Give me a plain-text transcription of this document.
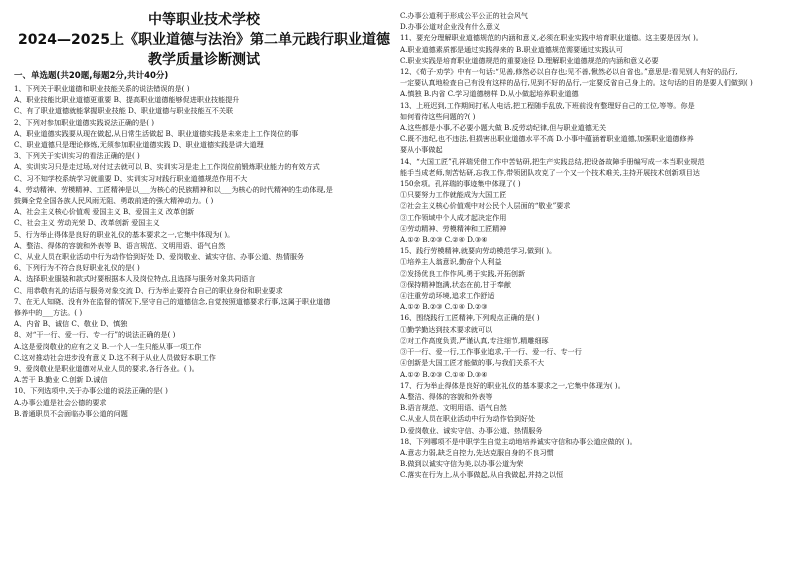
中等职业技术学校
2024—2025上《职业道德与法治》第二单元践行职业道德
教学质量诊断测试
一、单选题(共20题,每题2分,共计40分)
1、下列关于职业道德和职业技能关系的说法错误的是( )
A、职业技能比职业道德更重要 B、提高职业道德能够促进职业技能提升
C、有了职业道德就能掌握职业技能 D、职业道德与职业技能互不关联
2、下列对参加职业道德实践说法正确的是( )
A、职业道德实践要从现在做起,从日常生活做起 B、职业道德实践是未来走上工作岗位的事
C、职业道德只是理论修炼,无须参加职业道德实践 D、职业道德实践是讲大道理
3、下列关于实训实习的看法正确的是( )
A、实训实习只是走过场,对付过去就可以 B、实训实习是走上工作岗位前锻炼职业能力的有效方式
C、习不知学校系统学习就重要 D、实训实习对践行职业道德规范作用不大
4、劳动精神、劳模精神、工匠精神是以___为核心的民族精神和以___为核心的时代精神的生动体现,是
鼓舞全党全国各族人民风雨无阻、勇敢前进的强大精神动力。( )
A、社会主义核心价值观 爱国主义 B、爱国主义 改革创新
C、社会主义 劳动光荣 D、改革创新 爱国主义
5、行为举止得体是良好的职业礼仪的基本要求之一,它集中体现为( )。
A、整洁、得体的容貌和外表等 B、语言规范、文明用语、语气自然
C、从业人员在职业活动中行为动作恰到好处 D、爱岗敬业、诚实守信、办事公道、热情服务
6、下列行为不符合良好职业礼仪的是( )
A、选择职业服装和款式时要根据本人及岗位特点,且选择与服务对象共同语言
C、用恭敬有礼的话语与服务对象交流 D、行为举止要符合自己的职业身份和职业要求
7、在无人知晓、没有外在监督的情况下,坚守自己的道德信念,自觉按照道德要求行事,这属于职业道德
修养中的___方法。( )
A、内省 B、诚信 C、敬业 D、慎独
8、对“干一行、爱一行、专一行”的说法正确的是( )
A.这是爱岗敬业的应有之义 B.一个人一生只能从事一项工作
C.这对推动社会进步没有意义 D.这不利于从业人员做好本职工作
9、爱岗敬业是职业道德对从业人员的要求,各行各业。( )。
A.苦干 B.勤业 C.创新 D.诚信
10、下列选项中,关于办事公道的说法正确的是( )
A.办事公道是社会公德的要求
B.普通职员不会面临办事公道的问题
C.办事公道利于形成公平公正的社会风气
D.办事公道对企业没有什么意义
11、要充分理解职业道德规范的内涵和意义,必须在职业实践中培育职业道德。这主要是因为( )。
A.职业道德素质都是通过实践得来的 B.职业道德规范需要通过实践认可
C.职业实践是培育职业道德规范的重要途径 D.理解职业道德规范的内涵和意义必要
12、《荀子·劝学》中有一句话:“见善,修然必以自存也;见不善,愀然必以自省也。”意思是:看见别人有好的品行,
一定要认真地检查自己有没有这样的品行,见到不好的品行,一定要反省自己身上的。这句话的目的是要人们做到( )
A.慎独 B.内省 C.学习道德榜样 D.从小做起培养职业道德
13、上班迟到,工作期间打私人电话,把工程随手乱放,下班前没有整理好自己的工位,等等。你是
如何看待这些问题的?( )
A.这些都是小事,不必要小题大做 B.反劳动纪律,但与职业道德无关
C.既不违纪,也不违法,但损害出职业道德水平不高 D.小事中蕴涵着职业道德,加强职业道德修养
要从小事做起
14、“大国工匠”孔祥瑞凭借工作中苦钻研,把生产实践总结,把设备故障手册编写成一本当职业规范
能手当成老师,刻苦钻研,忘我工作,带领团队攻克了一个又一个技术难关,主持开展技术创新项目达
150余项。孔祥瑞的事迹集中体现了( )
①只要努力工作就能成为大国工匠
②社会主义核心价值观中对公民个人层面的“敬业”要求
③工作领域中个人成才起决定作用
④劳动精神、劳模精神和工匠精神
A.①② B.②③ C.②④ D.③④
15、践行劳模精神,就要向劳动模范学习,做到( )。
①培养主人翁意识,勤奋个人利益
②发扬优良工作作风,勇于实践,开拓创新
③保持精神饱满,状态在前,甘于奉献
④注重劳动环境,追求工作舒适
A.①② B.②③ C.①④ D.②③
16、围绕践行工匠精神,下列观点正确的是( )
①勤学勤达到技术要求就可以
②对工作高度负责,严谨认真,专注细节,精雕细琢
③干一行、爱一行,工作事业追求,干一行、爱一行、专一行
④创新是大国工匠才能做的事,与我们关系不大
A.①② B.②③ C.①④ D.③④
17、行为举止得体是良好的职业礼仪的基本要求之一,它集中体现为( )。
A.整洁、得体的容貌和外表等
B.语言规范、文明用语、语气自然
C.从业人员在职业活动中行为动作恰到好处
D.爱岗敬业、诚实守信、办事公道、热情服务
18、下列哪项不是中职学生自觉主动地培养诚实守信和办事公道应做的( )。
A.意志力弱,缺乏自控力,先达克服自身的不良习惯
B.做到以诚实守信为美,以办事公道为荣
C.落实在行为上,从小事做起,从自我做起,并持之以恒
